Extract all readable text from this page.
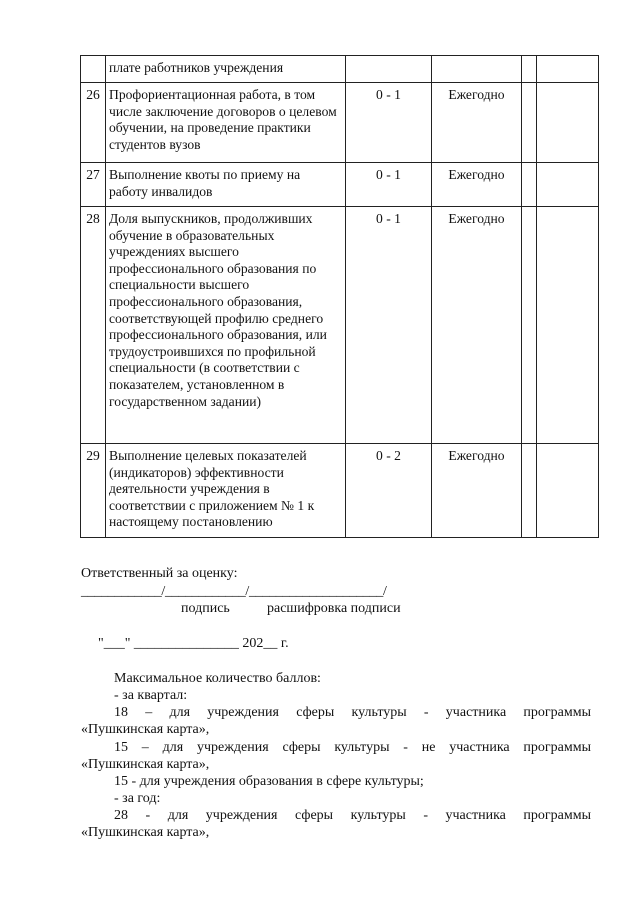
	плате работников учреждения				
26	Профориентационная работа, в том числе заключение договоров о целевом обучении, на проведение практики студентов вузов	0 - 1	Ежегодно		
27	Выполнение квоты по приему на работу инвалидов	0 - 1	Ежегодно		
28	Доля выпускников, продолживших обучение в образовательных учреждениях высшего профессионального образования по специальности высшего профессионального образования, соответствующей профилю среднего профессионального образования, или трудоустроившихся по профильной специальности (в соответствии с показателем, установленном в государственном задании)	0 - 1	Ежегодно		
29	Выполнение целевых показателей (индикаторов) эффективности деятельности учреждения в соответствии с приложением № 1 к настоящему постановлению	0 - 2	Ежегодно		
Ответственный за оценку:
____________/____________/____________________/
подпись	расшифровка подписи
"___" _______________ 202__ г.
Максимальное количество баллов:
- за квартал:
18 – для учреждения сферы культуры - участника программы
«Пушкинская карта»,
15 – для учреждения сферы культуры - не участника программы
«Пушкинская карта»,
15 - для учреждения образования в сфере культуры;
- за год:
28 - для учреждения сферы культуры - участника программы
«Пушкинская карта»,
